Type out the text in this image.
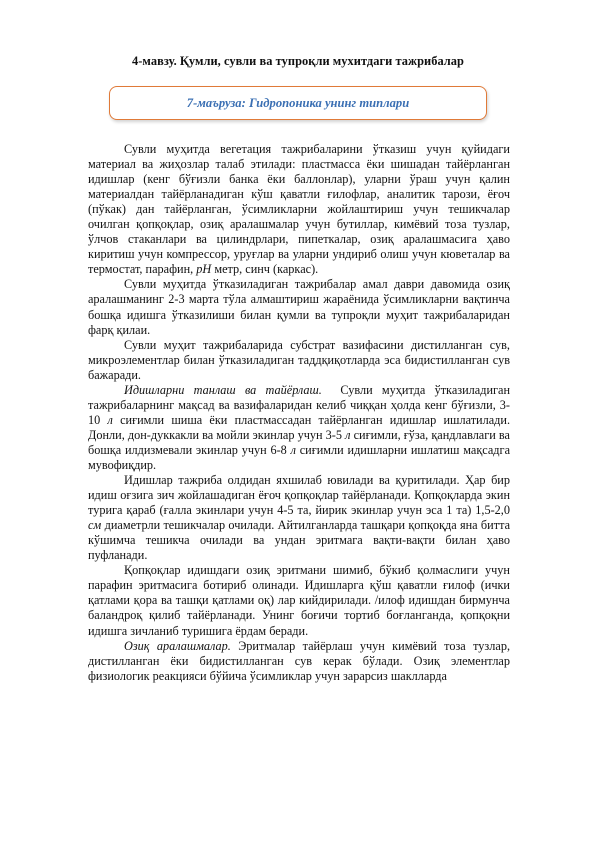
4-мавзу. Қумли, сувли ва тупроқли мухитдаги тажрибалар
7-маъруза: Гидропоника унинг типлари

Сувли муҳитда вегетация тажрибаларини ўтказиш учун қуйидаги материал ва жиҳозлар талаб этилади: пластмасса ёки шишадан тайёрланган идишлар (кенг бўғизли банка ёки баллонлар), уларни ўраш учун қалин материалдан тайёрланадиган кўш қаватли ғилофлар, аналитик тарози, ёғоч (пўкак) дан тайёрланган, ўсимликларни жойлаштириш учун тешикчалар очилган қопқоқлар, озиқ аралашмалар учун бутиллар, кимёвий тоза тузлар, ўлчов стаканлари ва цилиндрлари, пипеткалар, озиқ аралашмасига ҳаво киритиш учун компрессор, уруғлар ва уларни ундириб олиш учун кюветалар ва термостат, парафин, pH метр, синч (каркас).

Сувли муҳитда ўтказиладиган тажрибалар амал даври давомида озиқ аралашманинг 2-3 марта тўла алмаштириш жараёнида ўсимликларни вақтинча бошқа идишга ўтказилиши билан қумли ва тупроқли муҳит тажрибаларидан фарқ қилаи.

Сувли муҳит тажрибаларида субстрат вазифасини дистилланган сув, микроэлементлар билан ўтказиладиган таддқиқотларда эса бидистилланган сув бажаради.

Идишларни танлаш ва тайёрлаш. Сувли муҳитда ўтказиладиган тажрибаларнинг мақсад ва вазифаларидан келиб чиққан ҳолда кенг бўғизли, 3-10 л сиғимли шиша ёки пластмассадан тайёрланган идишлар ишлатилади. Донли, дон-дуккакли ва мойли экинлар учун 3-5 л сиғимли, ғўза, қандлавлаги ва бошқа илдизмевали экинлар учун 6-8 л сиғимли идишларни ишлатиш мақсадга мувофиқдир.

Идишлар тажриба олдидан яхшилаб ювилади ва қуритилади. Ҳар бир идиш оғзига зич жойлашадиган ёғоч қопқоқлар тайёрланади. Қопқоқларда экин турига қараб (ғалла экинлари учун 4-5 та, йирик экинлар учун эса 1 та) 1,5-2,0 см диаметрли тешикчалар очилади. Айтилганларда ташқари қопқоқда яна битта кўшимча тешикча очилади ва ундан эритмага вақти-вақти билан ҳаво пуфланади.

Қопқоқлар идишдаги озиқ эритмани шимиб, бўкиб қолмаслиги учун парафин эритмасига ботириб олинади. Идишларга қўш қаватли ғилоф (ички қатлами қора ва ташқи қатлами оқ) лар кийдирилади. /илоф идишдан бирмунча баландроқ қилиб тайёрланади. Унинг боғичи тортиб боғланганда, қопқоқни идишга зичланиб туришига ёрдам беради.

Озиқ аралашмалар. Эритмалар тайёрлаш учун кимёвий тоза тузлар, дистилланган ёки бидистилланган сув керак бўлади. Озиқ элементлар физиологик реакцияси бўйича ўсимликлар учун зарарсиз шаклларда
